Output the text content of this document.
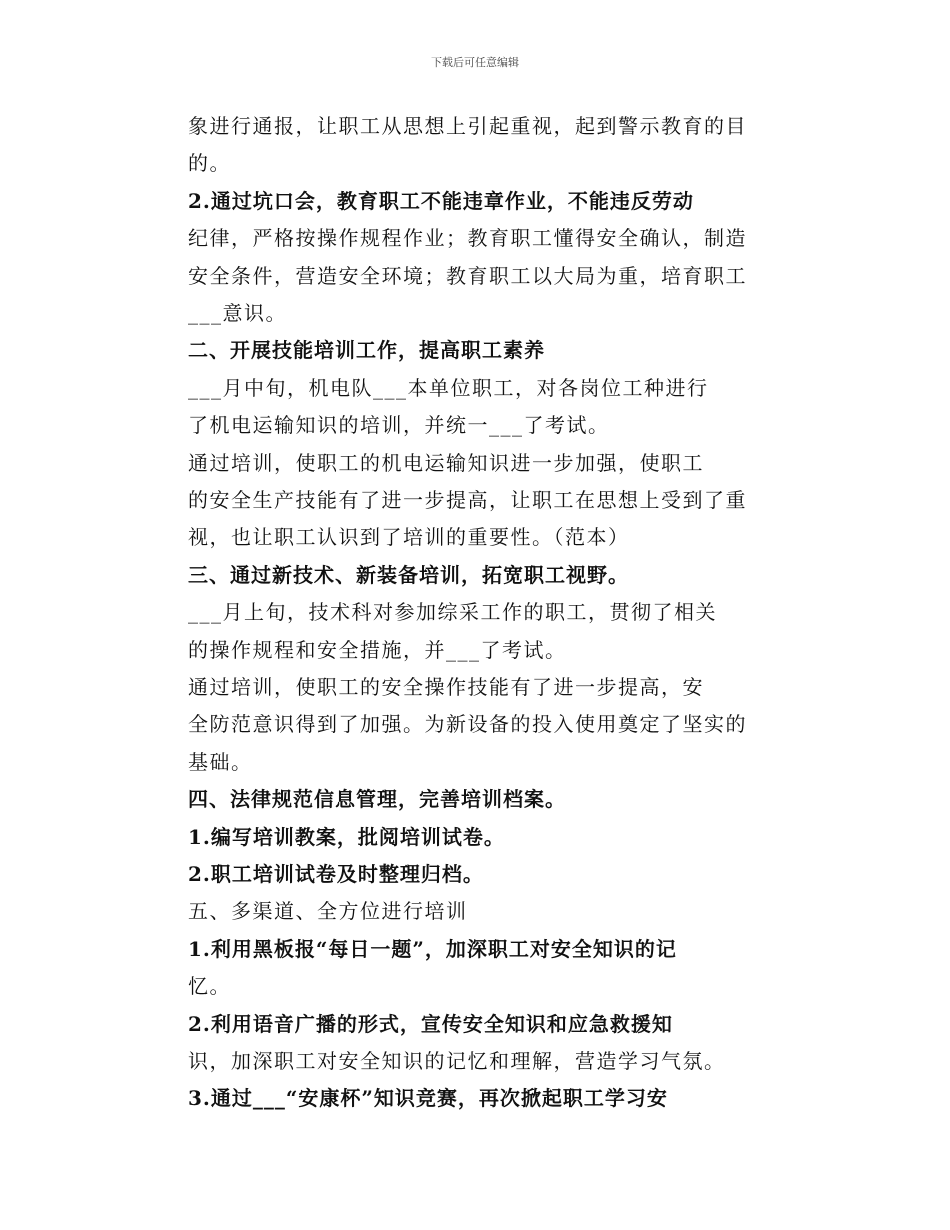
下载后可任意编辑
象进行通报，让职工从思想上引起重视，起到警示教育的目
的。
2.通过坑口会，教育职工不能违章作业，不能违反劳动
纪律，严格按操作规程作业；教育职工懂得安全确认，制造
安全条件，营造安全环境；教育职工以大局为重，培育职工
___意识。
二、开展技能培训工作，提高职工素养
___月中旬，机电队___本单位职工，对各岗位工种进行
了机电运输知识的培训，并统一___了考试。
通过培训，使职工的机电运输知识进一步加强，使职工
的安全生产技能有了进一步提高，让职工在思想上受到了重
视，也让职工认识到了培训的重要性。（范本）
三、通过新技术、新装备培训，拓宽职工视野。
___月上旬，技术科对参加综采工作的职工，贯彻了相关
的操作规程和安全措施，并___了考试。
通过培训，使职工的安全操作技能有了进一步提高，安
全防范意识得到了加强。为新设备的投入使用奠定了坚实的
基础。
四、法律规范信息管理，完善培训档案。
1.编写培训教案，批阅培训试卷。
2.职工培训试卷及时整理归档。
五、多渠道、全方位进行培训
1.利用黑板报“每日一题”，加深职工对安全知识的记
忆。
2.利用语音广播的形式，宣传安全知识和应急救援知
识，加深职工对安全知识的记忆和理解，营造学习气氛。
3.通过___“安康杯”知识竞赛，再次掀起职工学习安
